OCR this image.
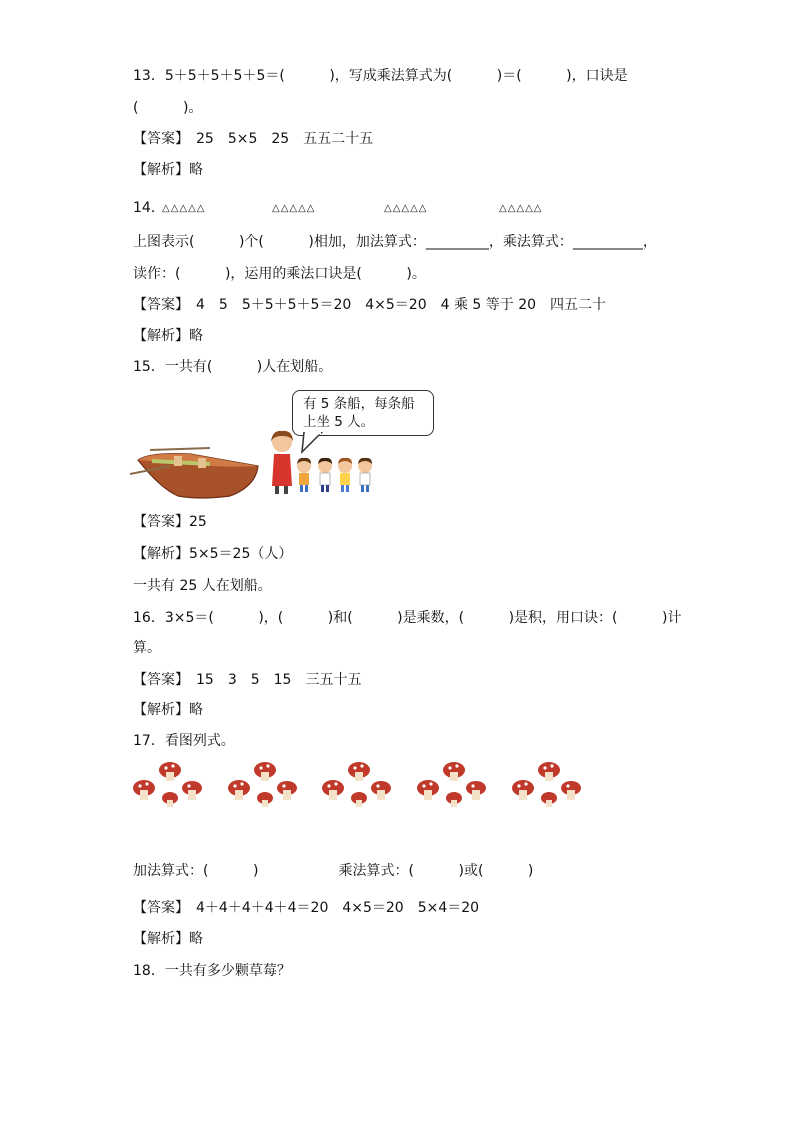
13．5＋5＋5＋5＋5＝(          )，写成乘法算式为(          )＝(          )，口诀是
(          )。
【答案】　25　5×5　25　五五二十五
【解析】略
14．
△△△△△	△△△△△	△△△△△	△△△△△
上图表示(          )个(          )相加，加法算式：_________，乘法算式：__________，
读作：(          )，运用的乘法口诀是(          )。
【答案】　4　5　5＋5＋5＋5＝20　4×5＝20　4 乘 5 等于 20　四五二十
【解析】略
15．一共有(          )人在划船。
有 5 条船，每条船
上坐 5 人。
【答案】25
【解析】5×5＝25（人）
一共有 25 人在划船。
16．3×5＝(          )，(          )和(          )是乘数，(          )是积，用口诀：(          )计
算。
【答案】　15　3　5　15　三五十五
【解析】略
17．看图列式。
加法算式：(          )                  乘法算式：(          )或(          )
【答案】　4＋4＋4＋4＋4＝20　4×5＝20　5×4＝20
【解析】略
18．一共有多少颗草莓？
